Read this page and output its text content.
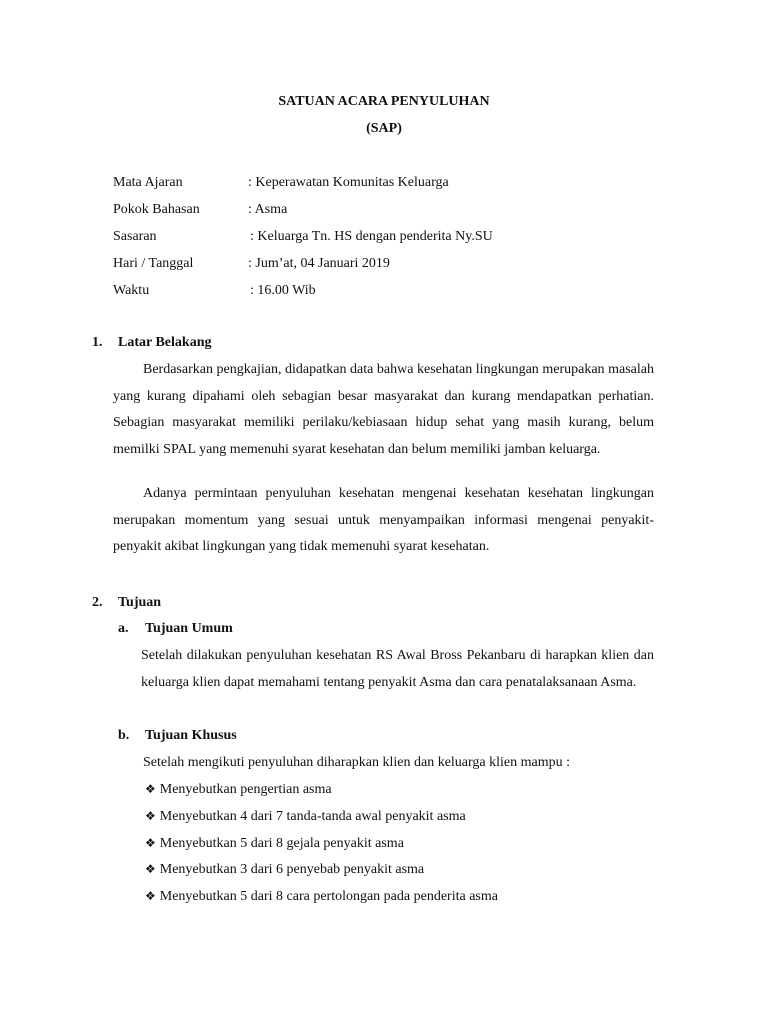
SATUAN ACARA PENYULUHAN
(SAP)
Mata Ajaran	: Keperawatan Komunitas Keluarga
Pokok Bahasan	: Asma
Sasaran	: Keluarga Tn. HS dengan penderita Ny.SU
Hari / Tanggal	: Jum’at, 04 Januari 2019
Waktu	: 16.00 Wib
1. Latar Belakang
Berdasarkan pengkajian, didapatkan data bahwa kesehatan lingkungan merupakan masalah yang kurang dipahami oleh sebagian besar masyarakat dan kurang mendapatkan perhatian. Sebagian masyarakat memiliki perilaku/kebiasaan hidup sehat yang masih kurang, belum memilki SPAL yang memenuhi syarat kesehatan dan belum memiliki jamban keluarga.
Adanya permintaan penyuluhan kesehatan mengenai kesehatan kesehatan lingkungan merupakan momentum yang sesuai untuk menyampaikan informasi mengenai penyakit-penyakit akibat lingkungan yang tidak memenuhi syarat kesehatan.
2. Tujuan
a. Tujuan Umum
Setelah dilakukan penyuluhan kesehatan RS Awal Bross Pekanbaru di harapkan klien dan keluarga klien dapat memahami tentang penyakit Asma dan cara penatalaksanaan Asma.
b. Tujuan Khusus
Setelah mengikuti penyuluhan diharapkan klien dan keluarga klien mampu :
❖ Menyebutkan pengertian asma
❖ Menyebutkan 4 dari 7 tanda-tanda awal penyakit asma
❖ Menyebutkan 5 dari 8 gejala penyakit asma
❖ Menyebutkan 3 dari 6 penyebab penyakit asma
❖ Menyebutkan 5 dari 8 cara pertolongan pada penderita asma
